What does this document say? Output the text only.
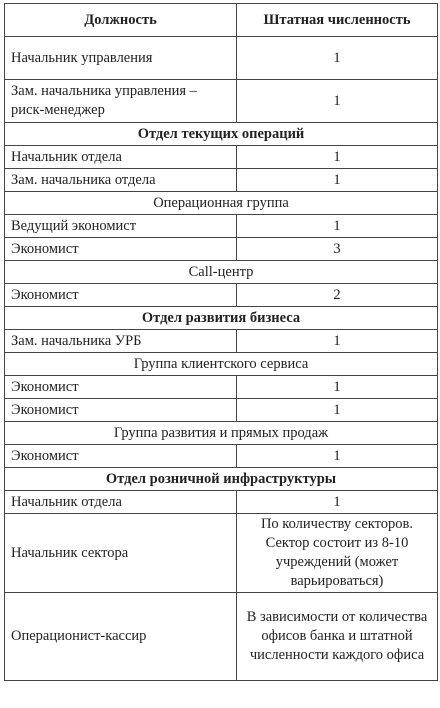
Должность	Штатная численность
Начальник управления	1
Зам. начальника управления – риск-менеджер	1
Отдел текущих операций	
Начальник отдела	1
Зам. начальника отдела	1
Операционная группа	
Ведущий экономист	1
Экономист	3
Call-центр	
Экономист	2
Отдел развития бизнеса	
Зам. начальника УРБ	1
Группа клиентского сервиса	
Экономист	1
Экономист	1
Группа развития и прямых продаж	
Экономист	1
Отдел розничной инфраструктуры	
Начальник отдела	1
Начальник сектора	По количеству секторов. Сектор состоит из 8-10 учреждений (может варьироваться)
Операционист-кассир	В зависимости от количества офисов банка и штатной численности каждого офиса
